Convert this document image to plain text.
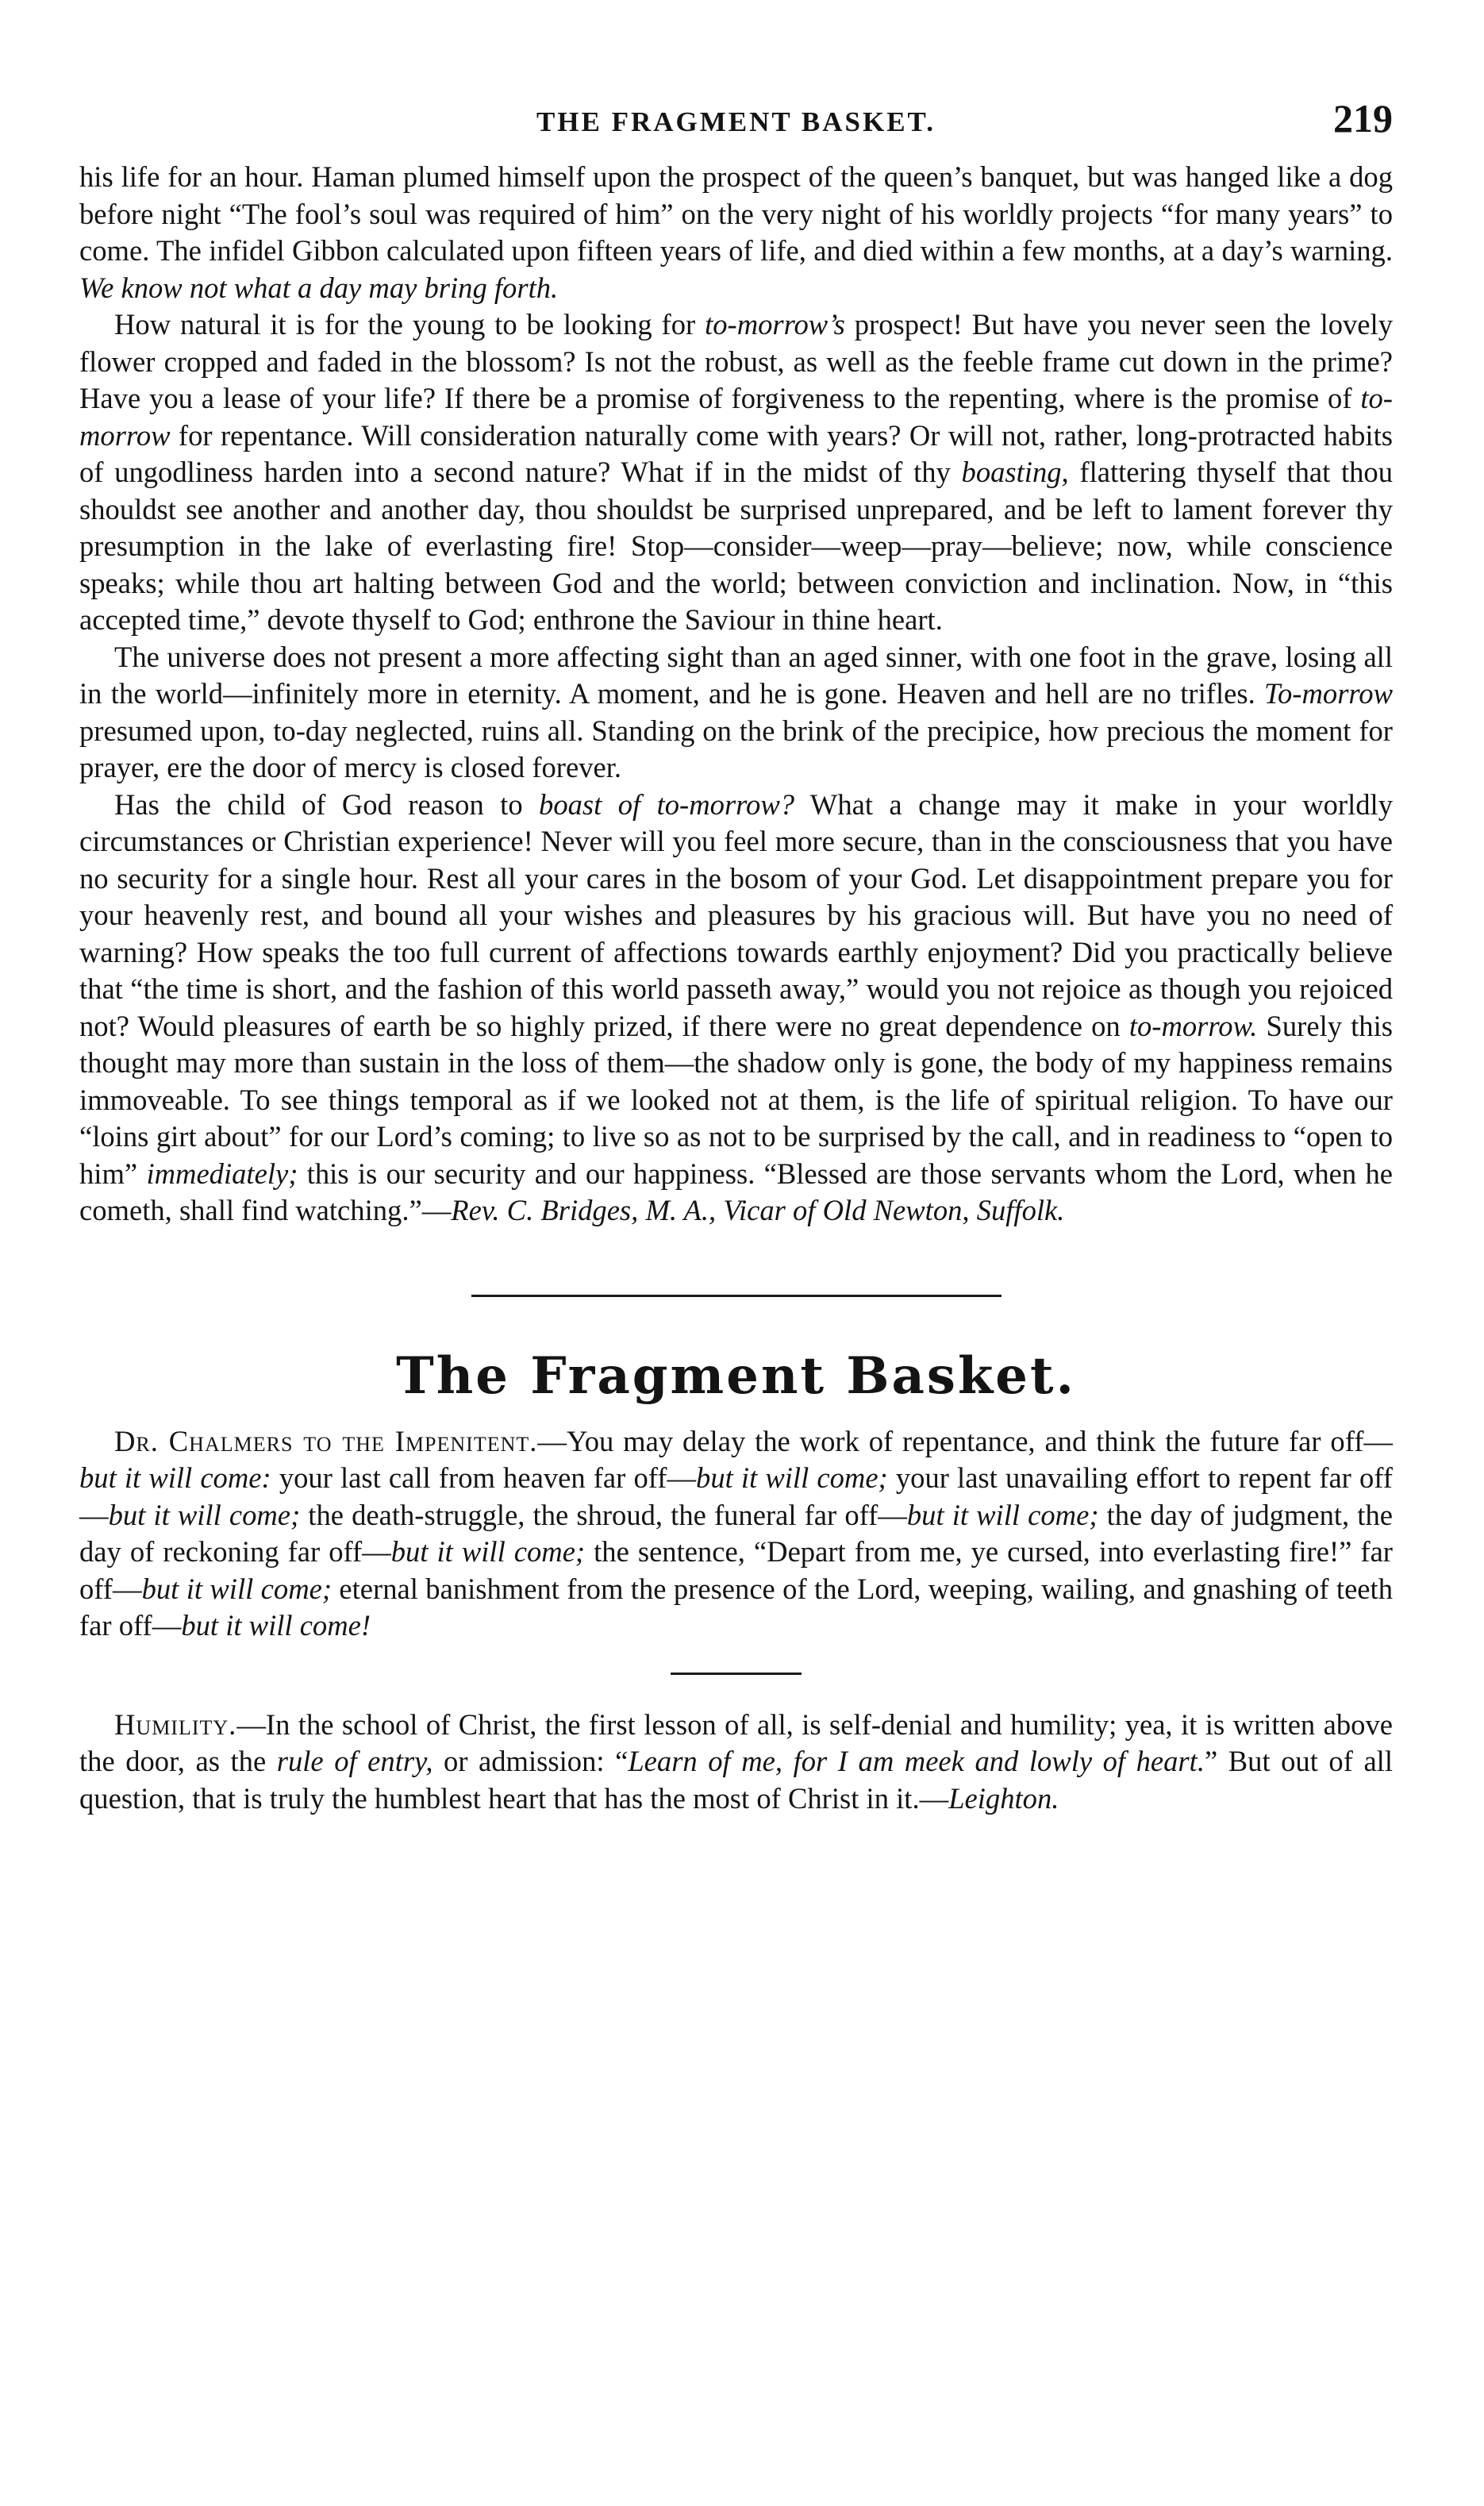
THE FRAGMENT BASKET.	219

his life for an hour. Haman plumed himself upon the prospect of the queen’s banquet, but was hanged like a dog before night “The fool’s soul was required of him” on the very night of his worldly projects “for many years” to come. The infidel Gibbon calculated upon fifteen years of life, and died within a few months, at a day’s warning. We know not what a day may bring forth.

How natural it is for the young to be looking for to-morrow’s prospect! But have you never seen the lovely flower cropped and faded in the blossom? Is not the robust, as well as the feeble frame cut down in the prime? Have you a lease of your life? If there be a promise of forgiveness to the repenting, where is the promise of to-morrow for repentance. Will consideration naturally come with years? Or will not, rather, long-protracted habits of ungodliness harden into a second nature? What if in the midst of thy boasting, flattering thyself that thou shouldst see another and another day, thou shouldst be surprised unprepared, and be left to lament forever thy presumption in the lake of everlasting fire! Stop—consider—weep—pray—believe; now, while conscience speaks; while thou art halting between God and the world; between conviction and inclination. Now, in “this accepted time,” devote thyself to God; enthrone the Saviour in thine heart.

The universe does not present a more affecting sight than an aged sinner, with one foot in the grave, losing all in the world—infinitely more in eternity. A moment, and he is gone. Heaven and hell are no trifles. To-morrow presumed upon, to-day neglected, ruins all. Standing on the brink of the precipice, how precious the moment for prayer, ere the door of mercy is closed forever.

Has the child of God reason to boast of to-morrow? What a change may it make in your worldly circumstances or Christian experience! Never will you feel more secure, than in the consciousness that you have no security for a single hour. Rest all your cares in the bosom of your God. Let disappointment prepare you for your heavenly rest, and bound all your wishes and pleasures by his gracious will. But have you no need of warning? How speaks the too full current of affections towards earthly enjoyment? Did you practically believe that “the time is short, and the fashion of this world passeth away,” would you not rejoice as though you rejoiced not? Would pleasures of earth be so highly prized, if there were no great dependence on to-morrow. Surely this thought may more than sustain in the loss of them—the shadow only is gone, the body of my happiness remains immoveable. To see things temporal as if we looked not at them, is the life of spiritual religion. To have our “loins girt about” for our Lord’s coming; to live so as not to be surprised by the call, and in readiness to “open to him” immediately; this is our security and our happiness. “Blessed are those servants whom the Lord, when he cometh, shall find watching.”—Rev. C. Bridges, M. A., Vicar of Old Newton, Suffolk.

The Fragment Basket.

Dr. Chalmers to the Impenitent.—You may delay the work of repentance, and think the future far off—but it will come: your last call from heaven far off—but it will come; your last unavailing effort to repent far off—but it will come; the death-struggle, the shroud, the funeral far off—but it will come; the day of judgment, the day of reckoning far off—but it will come; the sentence, “Depart from me, ye cursed, into everlasting fire!” far off—but it will come; eternal banishment from the presence of the Lord, weeping, wailing, and gnashing of teeth far off—but it will come!

Humility.—In the school of Christ, the first lesson of all, is self-denial and humility; yea, it is written above the door, as the rule of entry, or admission: “Learn of me, for I am meek and lowly of heart.” But out of all question, that is truly the humblest heart that has the most of Christ in it.—Leighton.
